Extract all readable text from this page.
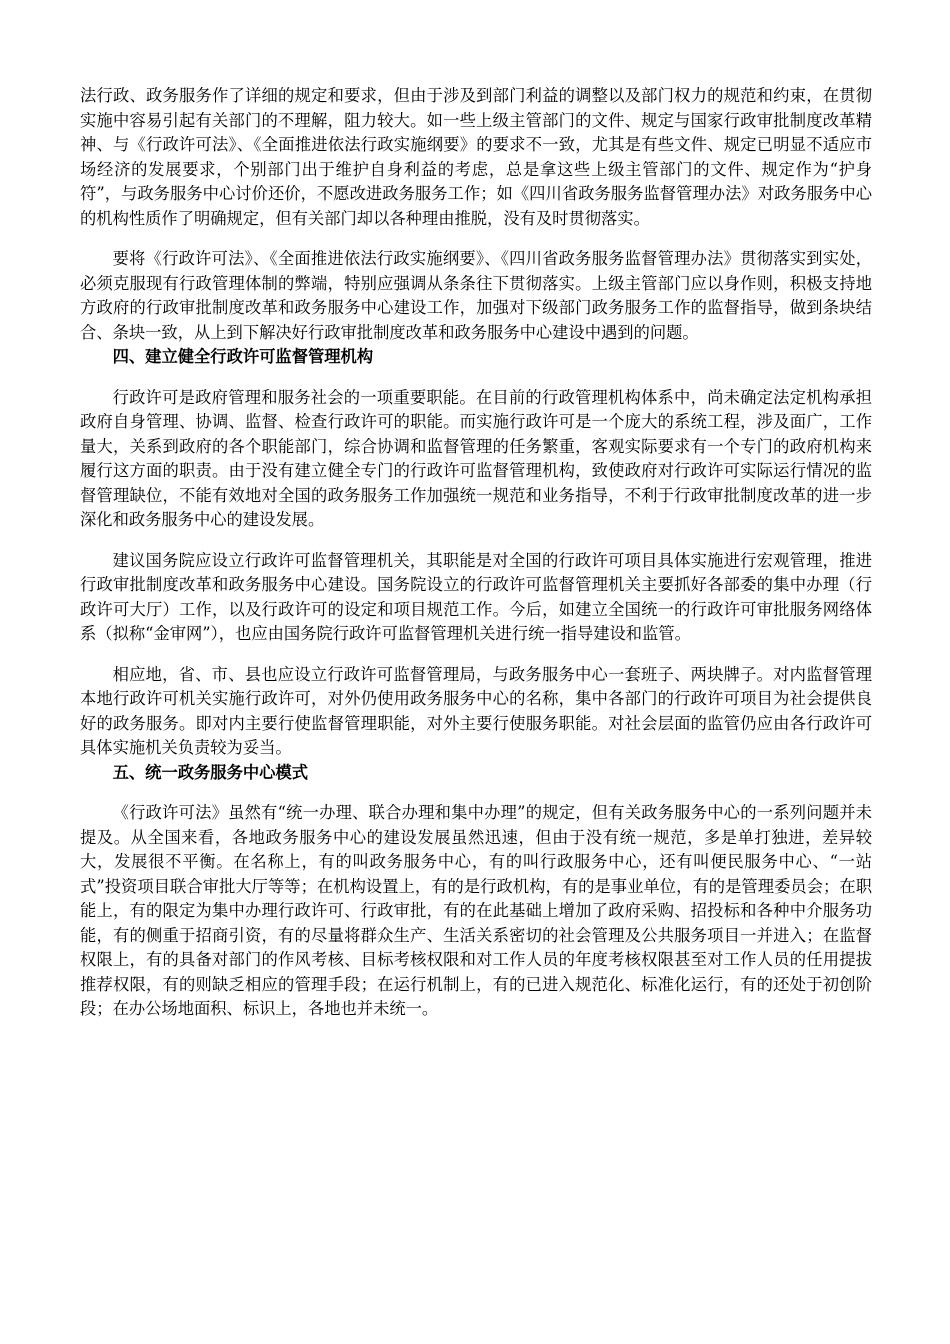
法行政、政务服务作了详细的规定和要求，但由于涉及到部门利益的调整以及部门权力的规范和约束，在贯彻实施中容易引起有关部门的不理解，阻力较大。如一些上级主管部门的文件、规定与国家行政审批制度改革精神、与《行政许可法》、《全面推进依法行政实施纲要》的要求不一致，尤其是有些文件、规定已明显不适应市场经济的发展要求，个别部门出于维护自身利益的考虑，总是拿这些上级主管部门的文件、规定作为“护身符”，与政务服务中心讨价还价，不愿改进政务服务工作；如《四川省政务服务监督管理办法》对政务服务中心的机构性质作了明确规定，但有关部门却以各种理由推脱，没有及时贯彻落实。

要将《行政许可法》、《全面推进依法行政实施纲要》、《四川省政务服务监督管理办法》贯彻落实到实处，必须克服现有行政管理体制的弊端，特别应强调从条条往下贯彻落实。上级主管部门应以身作则，积极支持地方政府的行政审批制度改革和政务服务中心建设工作，加强对下级部门政务服务工作的监督指导，做到条块结合、条块一致，从上到下解决好行政审批制度改革和政务服务中心建设中遇到的问题。

四、建立健全行政许可监督管理机构

行政许可是政府管理和服务社会的一项重要职能。在目前的行政管理机构体系中，尚未确定法定机构承担政府自身管理、协调、监督、检查行政许可的职能。而实施行政许可是一个庞大的系统工程，涉及面广，工作量大，关系到政府的各个职能部门，综合协调和监督管理的任务繁重，客观实际要求有一个专门的政府机构来履行这方面的职责。由于没有建立健全专门的行政许可监督管理机构，致使政府对行政许可实际运行情况的监督管理缺位，不能有效地对全国的政务服务工作加强统一规范和业务指导，不利于行政审批制度改革的进一步深化和政务服务中心的建设发展。

建议国务院应设立行政许可监督管理机关，其职能是对全国的行政许可项目具体实施进行宏观管理，推进行政审批制度改革和政务服务中心建设。国务院设立的行政许可监督管理机关主要抓好各部委的集中办理（行政许可大厅）工作，以及行政许可的设定和项目规范工作。今后，如建立全国统一的行政许可审批服务网络体系（拟称“金审网”），也应由国务院行政许可监督管理机关进行统一指导建设和监管。

相应地，省、市、县也应设立行政许可监督管理局，与政务服务中心一套班子、两块牌子。对内监督管理本地行政许可机关实施行政许可，对外仍使用政务服务中心的名称，集中各部门的行政许可项目为社会提供良好的政务服务。即对内主要行使监督管理职能，对外主要行使服务职能。对社会层面的监管仍应由各行政许可具体实施机关负责较为妥当。

五、统一政务服务中心模式

《行政许可法》虽然有“统一办理、联合办理和集中办理”的规定，但有关政务服务中心的一系列问题并未提及。从全国来看，各地政务服务中心的建设发展虽然迅速，但由于没有统一规范，多是单打独进，差异较大，发展很不平衡。在名称上，有的叫政务服务中心，有的叫行政服务中心，还有叫便民服务中心、“一站式”投资项目联合审批大厅等等；在机构设置上，有的是行政机构，有的是事业单位，有的是管理委员会；在职能上，有的限定为集中办理行政许可、行政审批，有的在此基础上增加了政府采购、招投标和各种中介服务功能，有的侧重于招商引资，有的尽量将群众生产、生活关系密切的社会管理及公共服务项目一并进入；在监督权限上，有的具备对部门的作风考核、目标考核权限和对工作人员的年度考核权限甚至对工作人员的任用提拔推荐权限，有的则缺乏相应的管理手段；在运行机制上，有的已进入规范化、标准化运行，有的还处于初创阶段；在办公场地面积、标识上，各地也并未统一。
